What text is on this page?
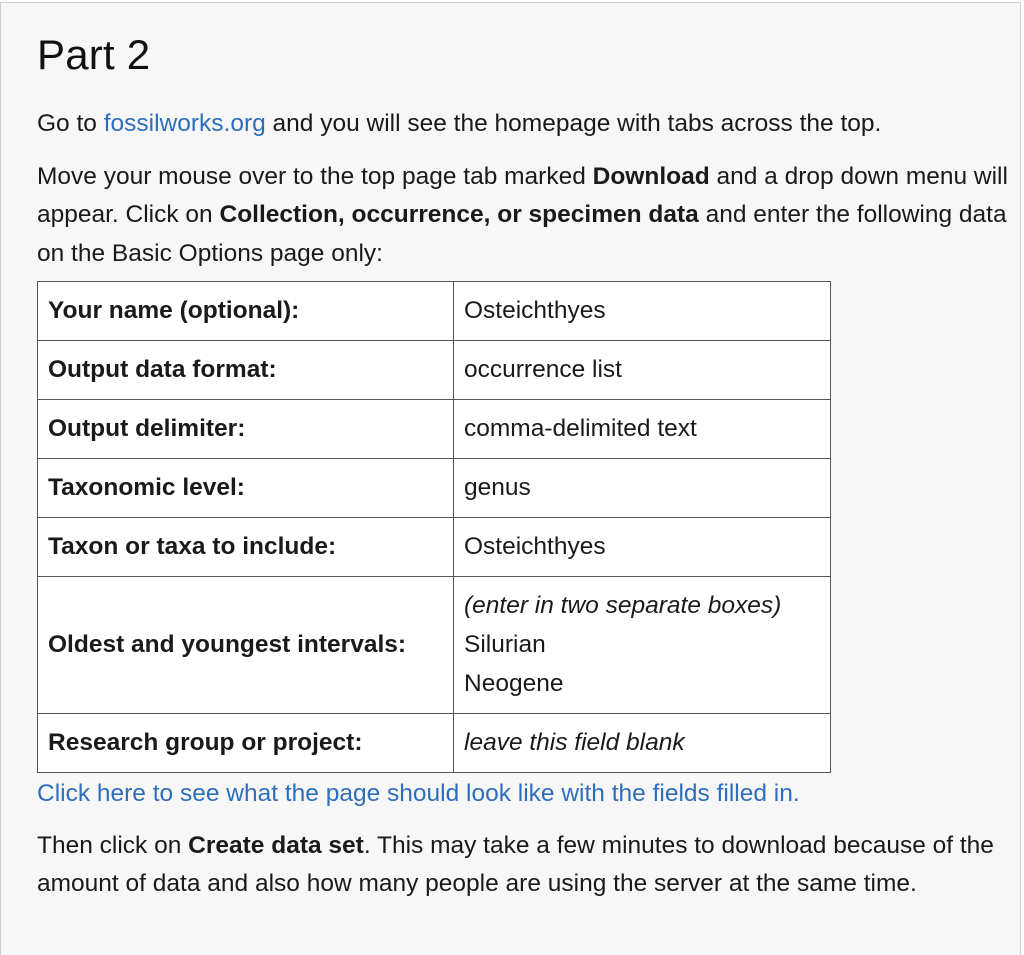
Part 2

Go to fossilworks.org and you will see the homepage with tabs across the top.

Move your mouse over to the top page tab marked Download and a drop down menu will appear. Click on Collection, occurrence, or specimen data and enter the following data on the Basic Options page only:

Your name (optional):	Osteichthyes
Output data format:	occurrence list
Output delimiter:	comma-delimited text
Taxonomic level:	genus
Taxon or taxa to include:	Osteichthyes
Oldest and youngest intervals:	(enter in two separate boxes)
Silurian
Neogene

Research group or project:	leave this field blank
Click here to see what the page should look like with the fields filled in.

Then click on Create data set. This may take a few minutes to download because of the amount of data and also how many people are using the server at the same time.
